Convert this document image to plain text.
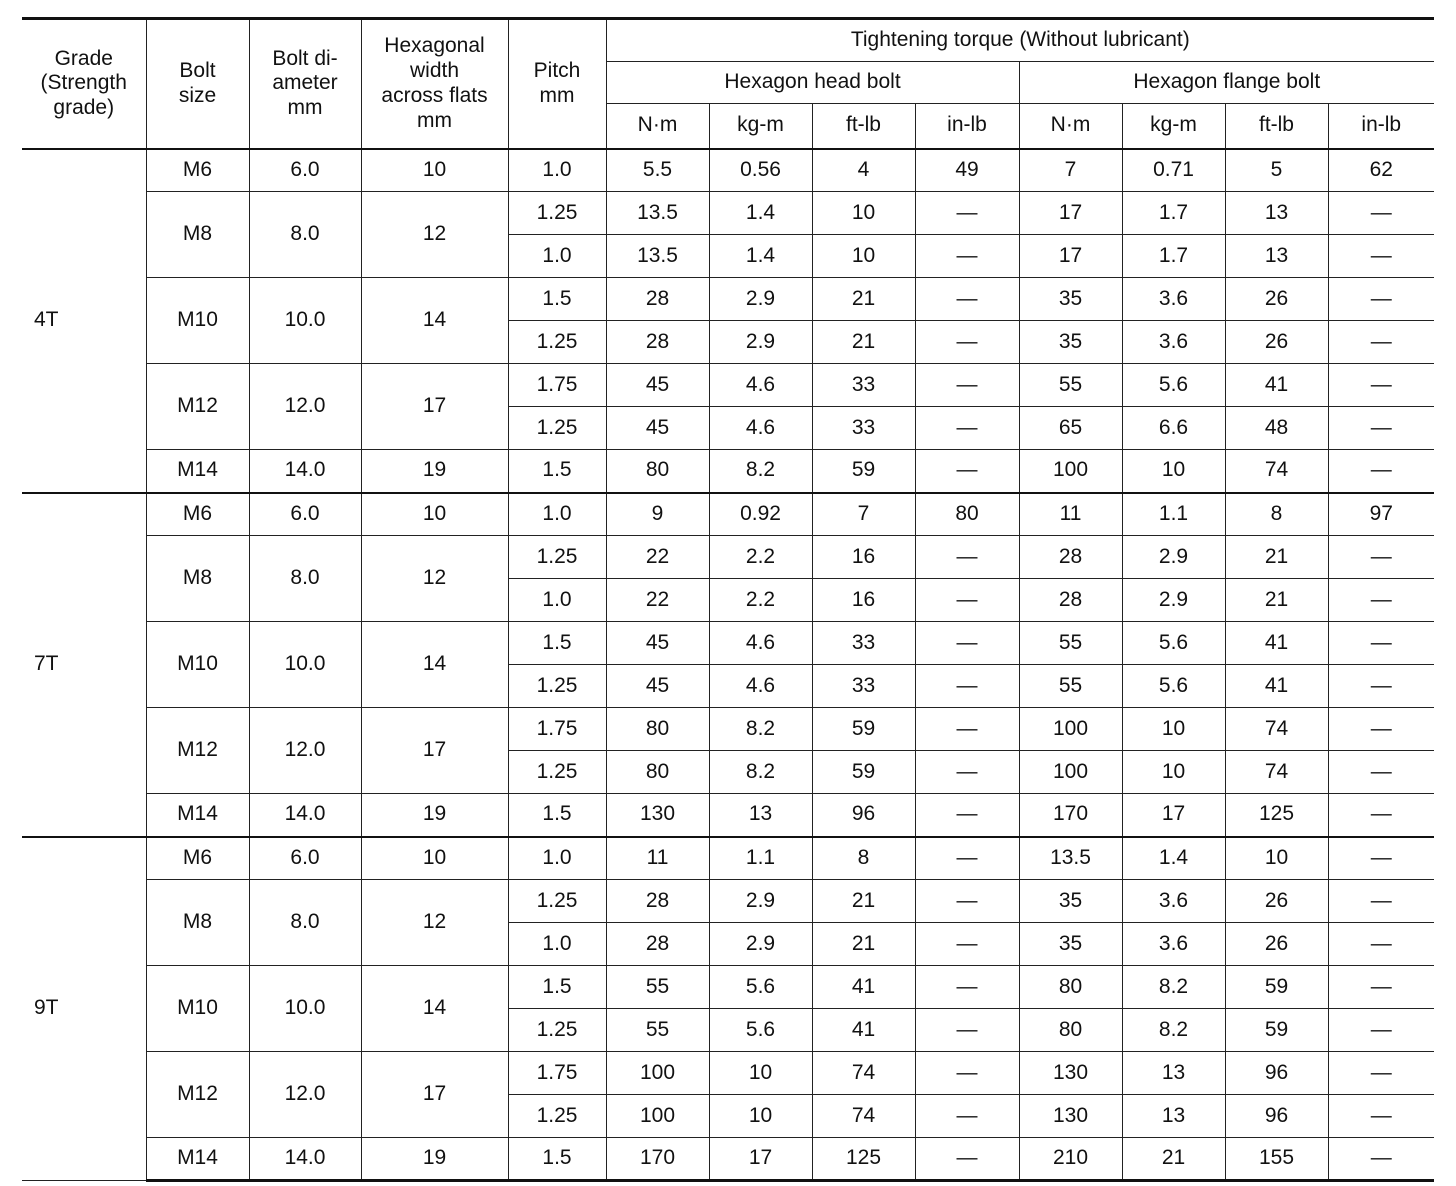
Grade
(Strength
grade)	Bolt
size	Bolt di-
ameter
mm	Hexagonal
width
across flats
mm	Pitch
mm	Tightening torque (Without lubricant)							
					Hexagon head bolt				Hexagon flange bolt			
					N·m	kg-m	ft-lb	in-lb	N·m	kg-m	ft-lb	in-lb
4T	M6	6.0	10	1.0	5.5	0.56	4	49	7	0.71	5	62
	M8	8.0	12	1.25	13.5	1.4	10	—	17	1.7	13	—
				1.0	13.5	1.4	10	—	17	1.7	13	—
	M10	10.0	14	1.5	28	2.9	21	—	35	3.6	26	—
				1.25	28	2.9	21	—	35	3.6	26	—
	M12	12.0	17	1.75	45	4.6	33	—	55	5.6	41	—
				1.25	45	4.6	33	—	65	6.6	48	—
	M14	14.0	19	1.5	80	8.2	59	—	100	10	74	—
7T	M6	6.0	10	1.0	9	0.92	7	80	11	1.1	8	97
	M8	8.0	12	1.25	22	2.2	16	—	28	2.9	21	—
				1.0	22	2.2	16	—	28	2.9	21	—
	M10	10.0	14	1.5	45	4.6	33	—	55	5.6	41	—
				1.25	45	4.6	33	—	55	5.6	41	—
	M12	12.0	17	1.75	80	8.2	59	—	100	10	74	—
				1.25	80	8.2	59	—	100	10	74	—
	M14	14.0	19	1.5	130	13	96	—	170	17	125	—
9T	M6	6.0	10	1.0	11	1.1	8	—	13.5	1.4	10	—
	M8	8.0	12	1.25	28	2.9	21	—	35	3.6	26	—
				1.0	28	2.9	21	—	35	3.6	26	—
	M10	10.0	14	1.5	55	5.6	41	—	80	8.2	59	—
				1.25	55	5.6	41	—	80	8.2	59	—
	M12	12.0	17	1.75	100	10	74	—	130	13	96	—
				1.25	100	10	74	—	130	13	96	—
	M14	14.0	19	1.5	170	17	125	—	210	21	155	—
